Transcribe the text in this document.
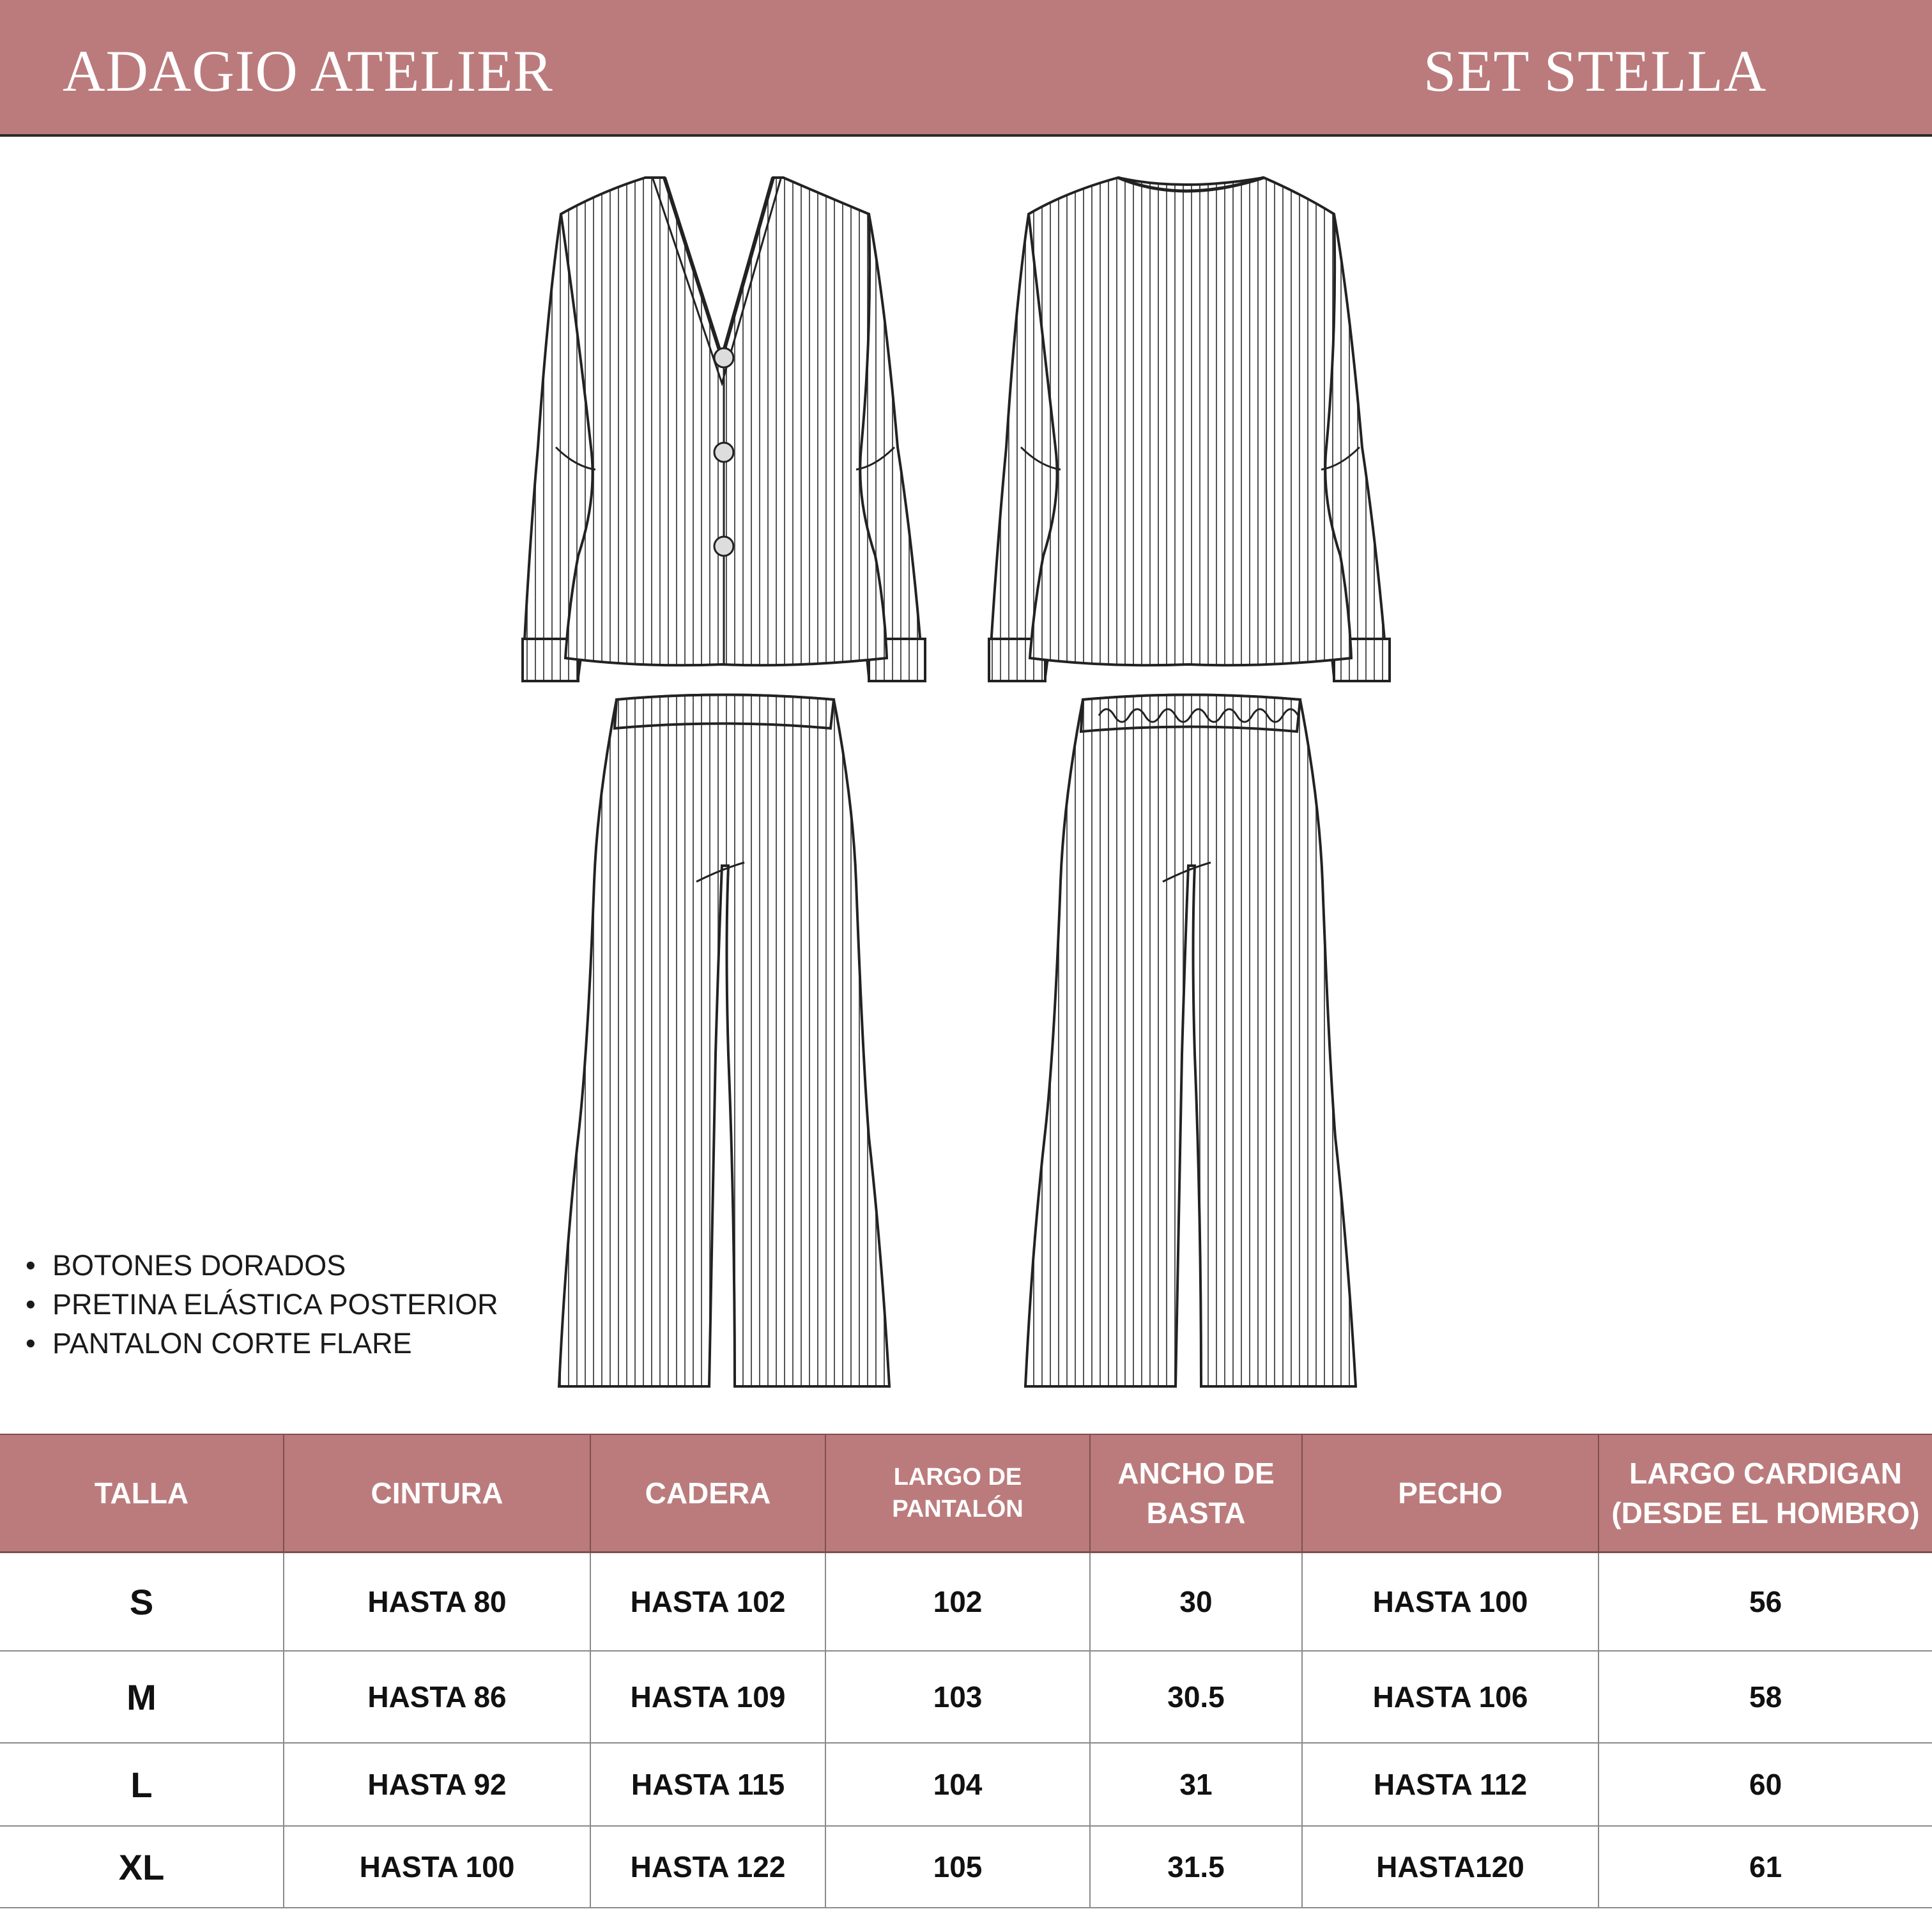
ADAGIO ATELIER	SET STELLA
• BOTONES DORADOS
• PRETINA ELÁSTICA POSTERIOR
• PANTALON CORTE FLARE
TALLA	CINTURA	CADERA	LARGO DE PANTALÓN	ANCHO DE BASTA	PECHO	LARGO CARDIGAN (DESDE EL HOMBRO)
S	HASTA 80	HASTA 102	102	30	HASTA 100	56
M	HASTA 86	HASTA 109	103	30.5	HASTA 106	58
L	HASTA 92	HASTA 115	104	31	HASTA 112	60
XL	HASTA 100	HASTA 122	105	31.5	HASTA120	61
